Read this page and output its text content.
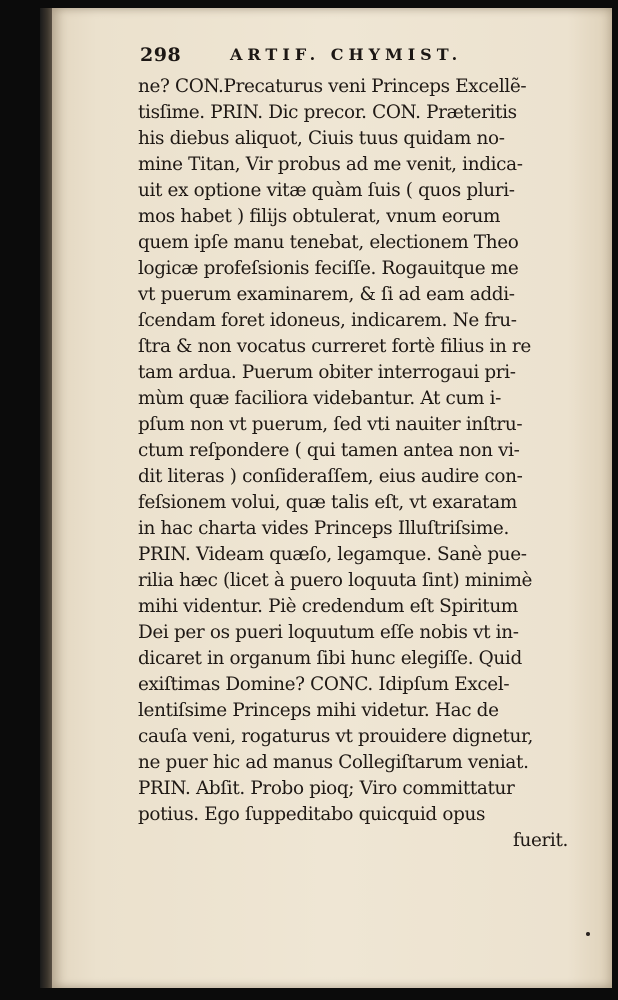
298	ARTIF. CHYMIST.
ne? CON.Precaturus veni Princeps Excellẽ-
tisſime. PRIN. Dic precor. CON. Præteritis
his diebus aliquot, Ciuis tuus quidam no-
mine Titan, Vir probus ad me venit, indica-
uit ex optione vitæ quàm ſuis ( quos pluri-
mos habet ) filijs obtulerat, vnum eorum
quem ipſe manu tenebat, electionem Theo
logicæ profeſsionis feciſſe. Rogauitque me
vt puerum examinarem, & ſi ad eam addi-
ſcendam foret idoneus, indicarem. Ne fru-
ſtra & non vocatus curreret fortè filius in re
tam ardua. Puerum obiter interrogaui pri-
mùm quæ faciliora videbantur. At cum i-
pſum non vt puerum, ſed vti nauiter inſtru-
ctum reſpondere ( qui tamen antea non vi-
dit literas ) conſideraſſem, eius audire con-
feſsionem volui, quæ talis eſt, vt exaratam
in hac charta vides Princeps Illuſtriſsime.
PRIN. Videam quæſo, legamque. Sanè pue-
rilia hæc (licet à puero loquuta ſint) minimè
mihi videntur. Piè credendum eſt Spiritum
Dei per os pueri loquutum eſſe nobis vt in-
dicaret in organum ſibi hunc elegiſſe. Quid
exiſtimas Domine? CONC. Idipſum Excel-
lentiſsime Princeps mihi videtur. Hac de
cauſa veni, rogaturus vt prouidere dignetur,
ne puer hic ad manus Collegiſtarum veniat.
PRIN. Abſit. Probo pioq; Viro committatur
potius. Ego ſuppeditabo quicquid opus
fuerit.
